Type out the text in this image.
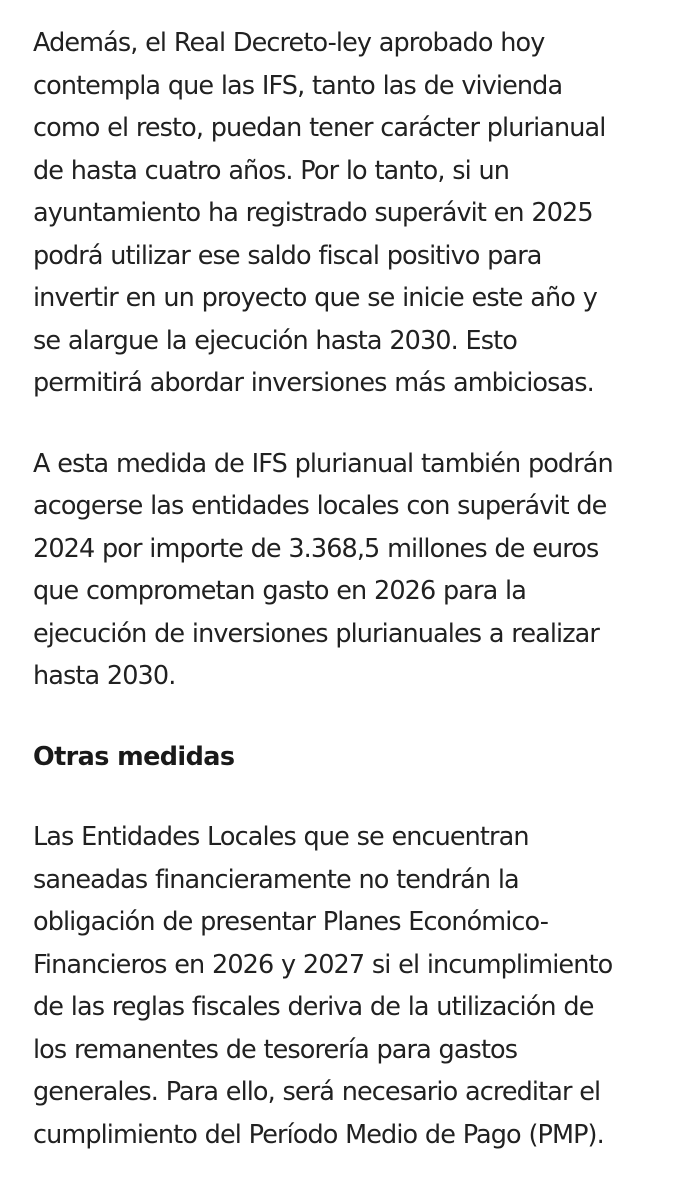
Además, el Real Decreto-ley aprobado hoy
contempla que las IFS, tanto las de vivienda
como el resto, puedan tener carácter plurianual
de hasta cuatro años. Por lo tanto, si un
ayuntamiento ha registrado superávit en 2025
podrá utilizar ese saldo fiscal positivo para
invertir en un proyecto que se inicie este año y
se alargue la ejecución hasta 2030. Esto
permitirá abordar inversiones más ambiciosas.

A esta medida de IFS plurianual también podrán
acogerse las entidades locales con superávit de
2024 por importe de 3.368,5 millones de euros
que comprometan gasto en 2026 para la
ejecución de inversiones plurianuales a realizar
hasta 2030.

Otras medidas

Las Entidades Locales que se encuentran
saneadas financieramente no tendrán la
obligación de presentar Planes Económico-
Financieros en 2026 y 2027 si el incumplimiento
de las reglas fiscales deriva de la utilización de
los remanentes de tesorería para gastos
generales. Para ello, será necesario acreditar el
cumplimiento del Período Medio de Pago (PMP).
